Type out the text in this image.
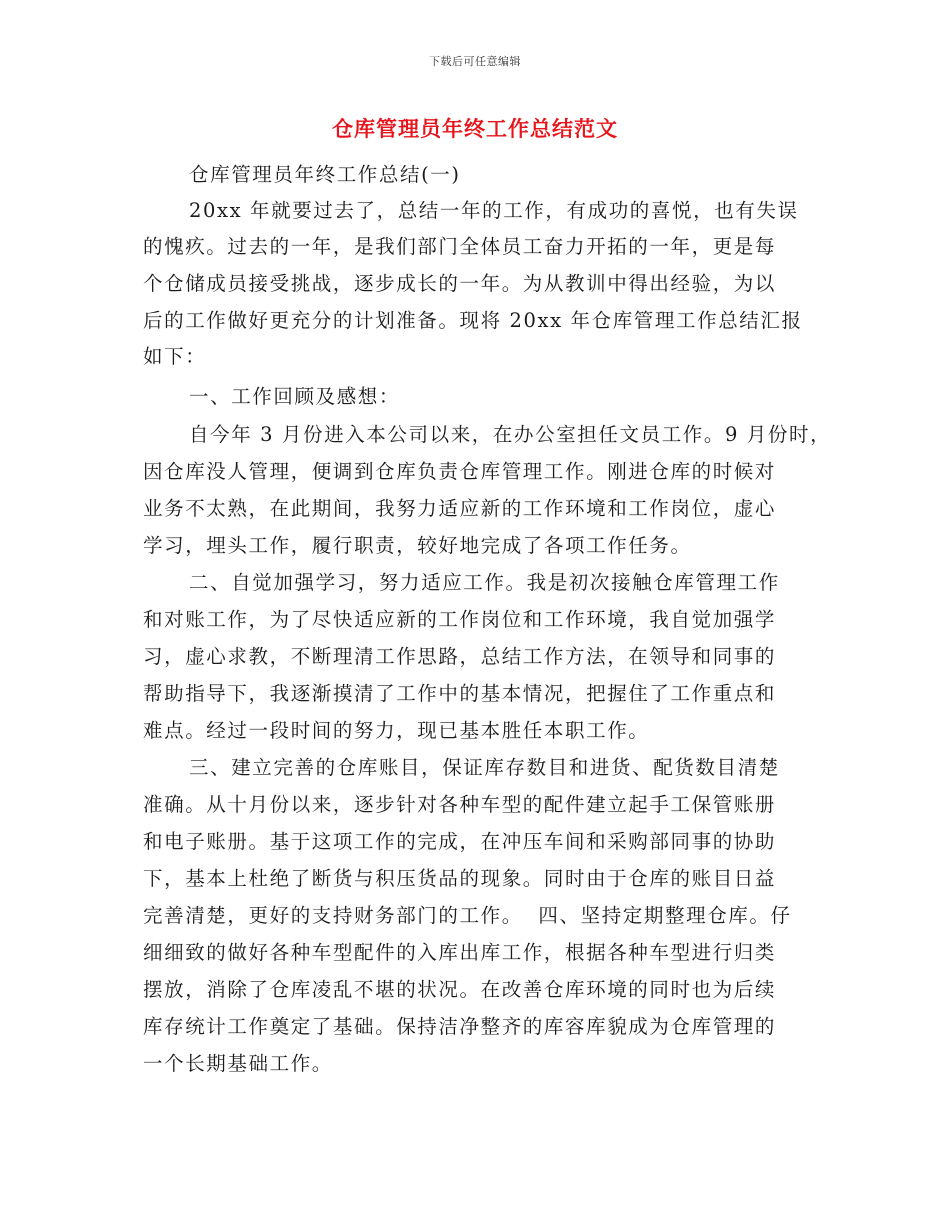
下载后可任意编辑
仓库管理员年终工作总结范文
仓库管理员年终工作总结(一)
20xx 年就要过去了，总结一年的工作，有成功的喜悦，也有失误
的愧疚。过去的一年，是我们部门全体员工奋力开拓的一年，更是每
个仓储成员接受挑战，逐步成长的一年。为从教训中得出经验，为以
后的工作做好更充分的计划准备。现将 20xx 年仓库管理工作总结汇报
如下：
一、工作回顾及感想：
自今年 3 月份进入本公司以来，在办公室担任文员工作。9 月份时，
因仓库没人管理，便调到仓库负责仓库管理工作。刚进仓库的时候对
业务不太熟，在此期间，我努力适应新的工作环境和工作岗位，虚心
学习，埋头工作，履行职责，较好地完成了各项工作任务。
二、自觉加强学习，努力适应工作。我是初次接触仓库管理工作
和对账工作，为了尽快适应新的工作岗位和工作环境，我自觉加强学
习，虚心求教，不断理清工作思路，总结工作方法，在领导和同事的
帮助指导下，我逐渐摸清了工作中的基本情况，把握住了工作重点和
难点。经过一段时间的努力，现已基本胜任本职工作。
三、建立完善的仓库账目，保证库存数目和进货、配货数目清楚
准确。从十月份以来，逐步针对各种车型的配件建立起手工保管账册
和电子账册。基于这项工作的完成，在冲压车间和采购部同事的协助
下，基本上杜绝了断货与积压货品的现象。同时由于仓库的账目日益
完善清楚，更好的支持财务部门的工作。  四、坚持定期整理仓库。仔
细细致的做好各种车型配件的入库出库工作，根据各种车型进行归类
摆放，消除了仓库凌乱不堪的状况。在改善仓库环境的同时也为后续
库存统计工作奠定了基础。保持洁净整齐的库容库貌成为仓库管理的
一个长期基础工作。
